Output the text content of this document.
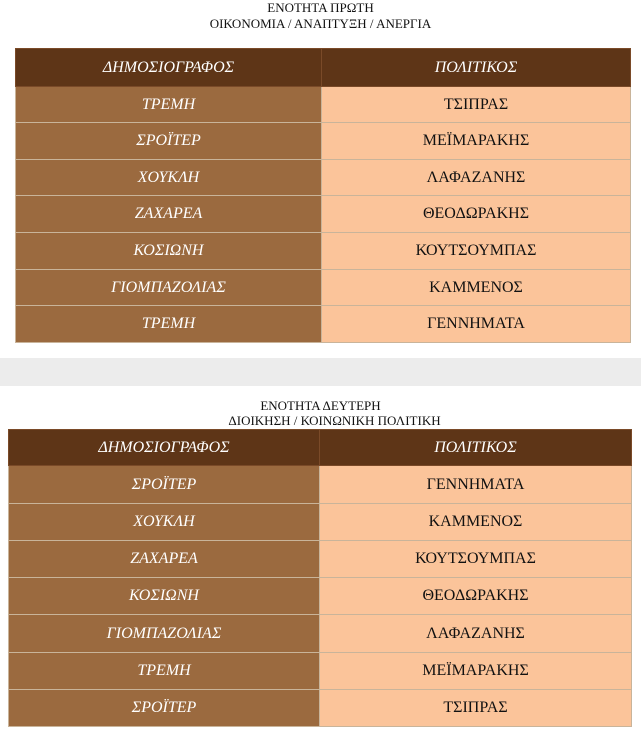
ΕΝΟΤΗΤΑ ΠΡΩΤΗ
ΟΙΚΟΝΟΜΙΑ / ΑΝΑΠΤΥΞΗ / ΑΝΕΡΓΙΑ
ΔΗΜΟΣΙΟΓΡΑΦΟΣ	ΠΟΛΙΤΙΚΟΣ
ΤΡΕΜΗ	ΤΣΙΠΡΑΣ
ΣΡΟΪΤΕΡ	ΜΕΪΜΑΡΑΚΗΣ
ΧΟΥΚΛΗ	ΛΑΦΑΖΑΝΗΣ
ΖΑΧΑΡΕΑ	ΘΕΟΔΩΡΑΚΗΣ
ΚΟΣΙΩΝΗ	ΚΟΥΤΣΟΥΜΠΑΣ
ΓΙΟΜΠΑΖΟΛΙΑΣ	ΚΑΜΜΕΝΟΣ
ΤΡΕΜΗ	ΓΕΝΝΗΜΑΤΑ
ΕΝΟΤΗΤΑ ΔΕΥΤΕΡΗ
ΔΙΟΙΚΗΣΗ / ΚΟΙΝΩΝΙΚΗ ΠΟΛΙΤΙΚΗ
ΔΗΜΟΣΙΟΓΡΑΦΟΣ	ΠΟΛΙΤΙΚΟΣ
ΣΡΟΪΤΕΡ	ΓΕΝΝΗΜΑΤΑ
ΧΟΥΚΛΗ	ΚΑΜΜΕΝΟΣ
ΖΑΧΑΡΕΑ	ΚΟΥΤΣΟΥΜΠΑΣ
ΚΟΣΙΩΝΗ	ΘΕΟΔΩΡΑΚΗΣ
ΓΙΟΜΠΑΖΟΛΙΑΣ	ΛΑΦΑΖΑΝΗΣ
ΤΡΕΜΗ	ΜΕΪΜΑΡΑΚΗΣ
ΣΡΟΪΤΕΡ	ΤΣΙΠΡΑΣ
